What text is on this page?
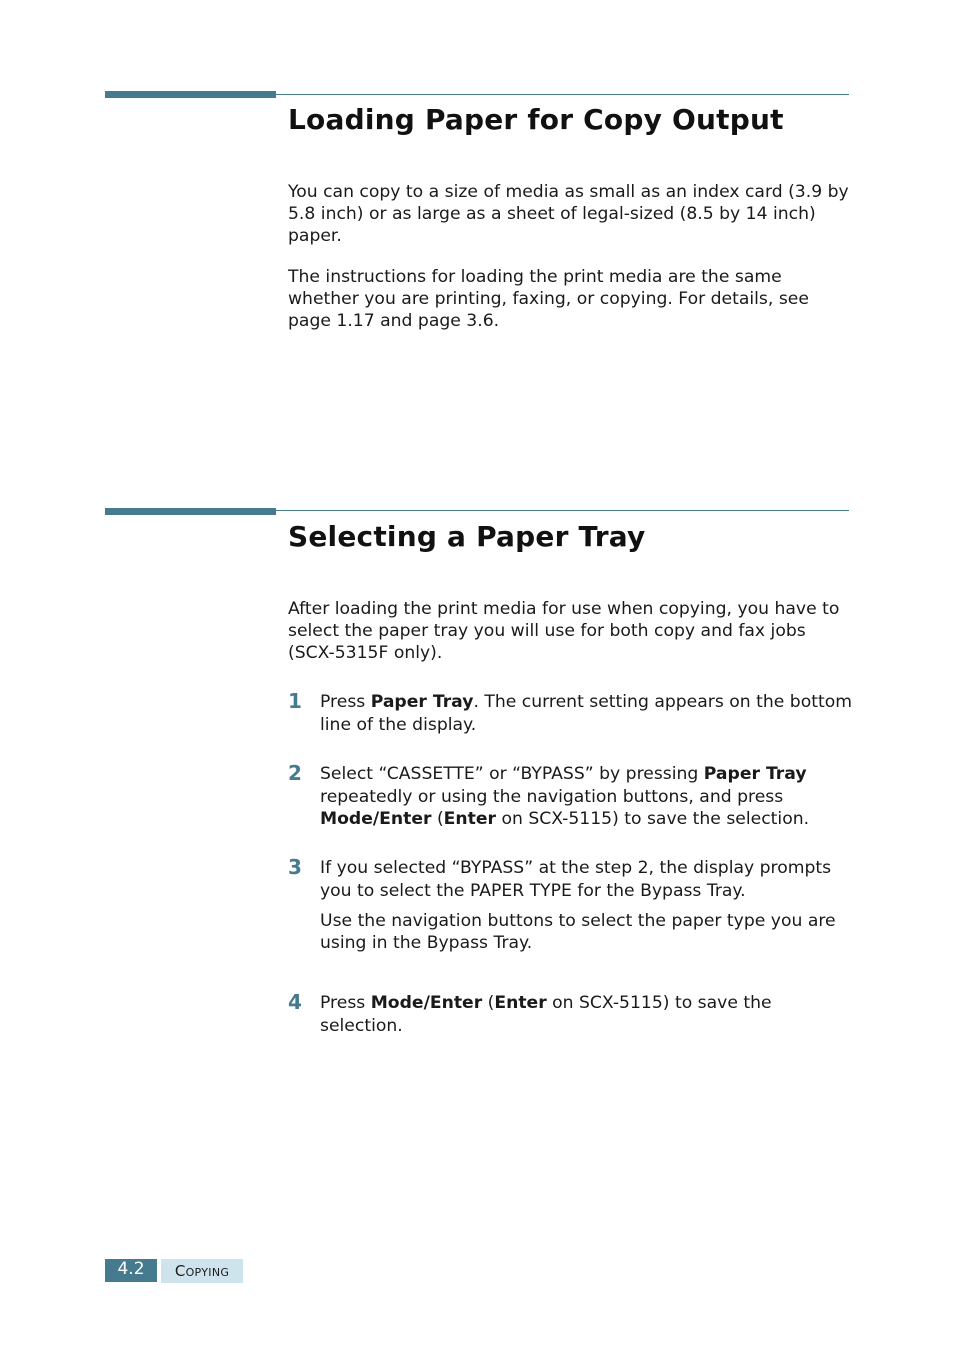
Loading Paper for Copy Output

You can copy to a size of media as small as an index card (3.9 by 5.8 inch) or as large as a sheet of legal-sized (8.5 by 14 inch) paper.

The instructions for loading the print media are the same whether you are printing, faxing, or copying. For details, see page 1.17 and page 3.6.

Selecting a Paper Tray

After loading the print media for use when copying, you have to select the paper tray you will use for both copy and fax jobs (SCX-5315F only).

1 Press Paper Tray. The current setting appears on the bottom line of the display.

2 Select “CASSETTE” or “BYPASS” by pressing Paper Tray repeatedly or using the navigation buttons, and press Mode/Enter (Enter on SCX-5115) to save the selection.

3 If you selected “BYPASS” at the step 2, the display prompts you to select the PAPER TYPE for the Bypass Tray.

Use the navigation buttons to select the paper type you are using in the Bypass Tray.

4 Press Mode/Enter (Enter on SCX-5115) to save the selection.

4.2	Copying
